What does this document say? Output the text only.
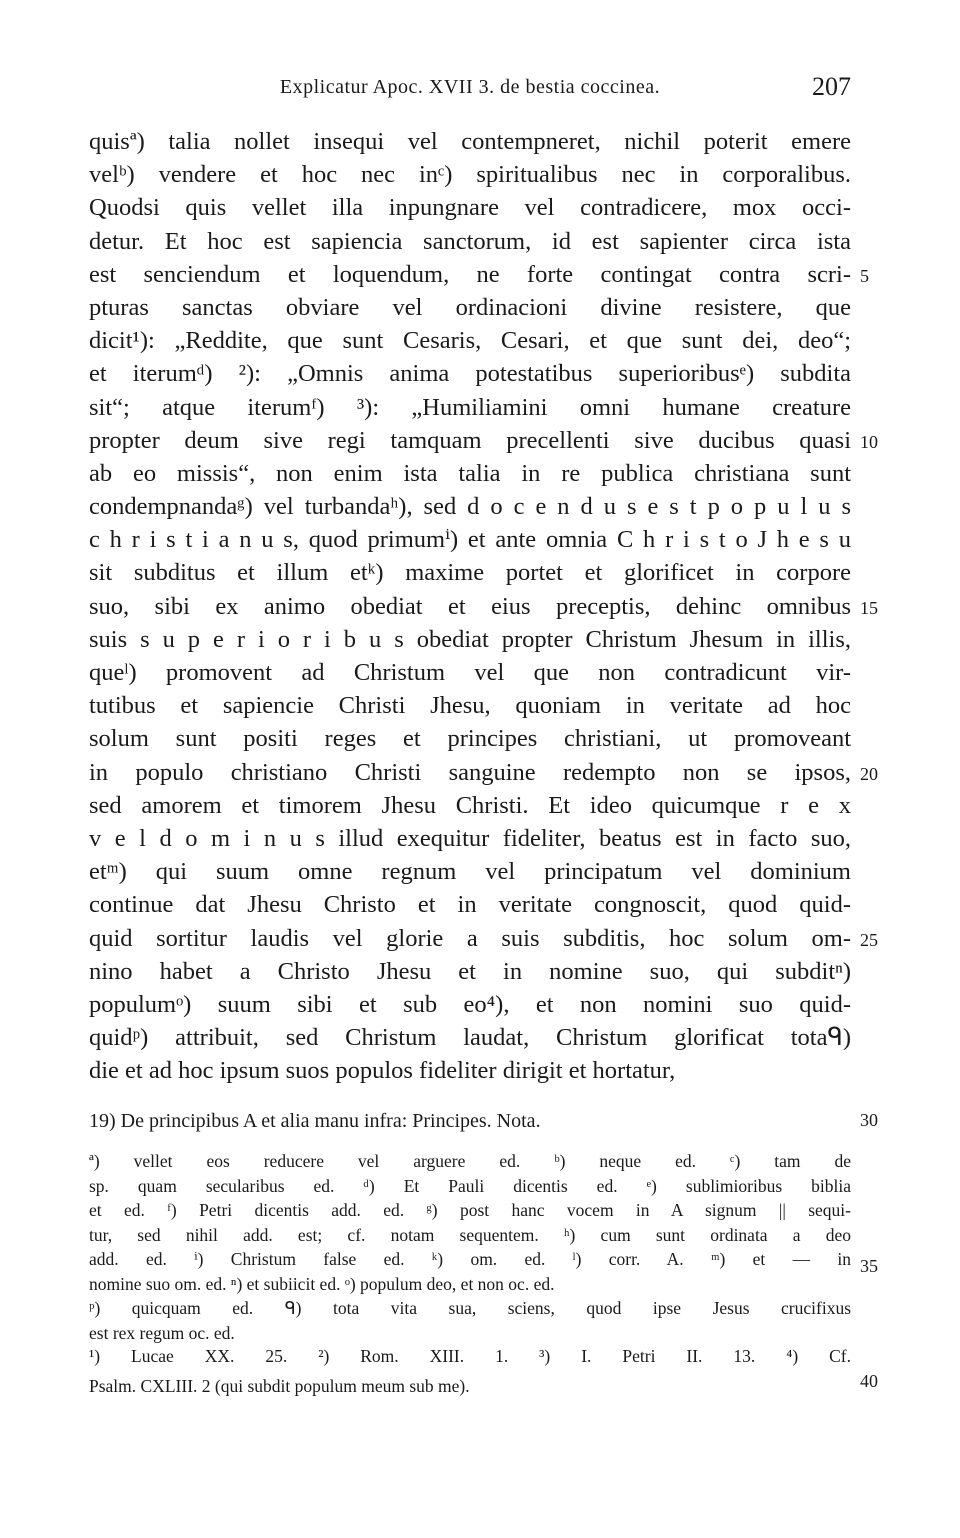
Explicatur Apoc. XVII 3. de bestia coccinea.	207
quisª) talia nollet insequi vel contempneret, nichil poterit emere
velᵇ) vendere et hoc nec inᶜ) spiritualibus nec in corporalibus.
Quodsi quis vellet illa inpungnare vel contradicere, mox occi-
detur. Et hoc est sapiencia sanctorum, id est sapienter circa ista
est senciendum et loquendum, ne forte contingat contra scri-
pturas sanctas obviare vel ordinacioni divine resistere, que
dicit¹): „Reddite, que sunt Cesaris, Cesari, et que sunt dei, deo“;
et iterumᵈ) ²): „Omnis anima potestatibus superioribusᵉ) subdita
sit“; atque iterumᶠ) ³): „Humiliamini omni humane creature
propter deum sive regi tamquam precellenti sive ducibus quasi
ab eo missis“, non enim ista talia in re publica christiana sunt
condempnandaᵍ) vel turbandaʰ), sed d o c e n d u s e s t p o p u l u s
c h r i s t i a n u s, quod primumⁱ) et ante omnia C h r i s t o J h e s u
sit subditus et illum etᵏ) maxime portet et glorificet in corpore
suo, sibi ex animo obediat et eius preceptis, dehinc omnibus
suis s u p e r i o r i b u s obediat propter Christum Jhesum in illis,
queˡ) promovent ad Christum vel que non contradicunt vir-
tutibus et sapiencie Christi Jhesu, quoniam in veritate ad hoc
solum sunt positi reges et principes christiani, ut promoveant
in populo christiano Christi sanguine redempto non se ipsos,
sed amorem et timorem Jhesu Christi. Et ideo quicumque r e x
v e l d o m i n u s illud exequitur fideliter, beatus est in facto suo,
etᵐ) qui suum omne regnum vel principatum vel dominium
continue dat Jhesu Christo et in veritate congnoscit, quod quid-
quid sortitur laudis vel glorie a suis subditis, hoc solum om-
nino habet a Christo Jhesu et in nomine suo, qui subditⁿ)
populumᵒ) suum sibi et sub eo⁴), et non nomini suo quid-
quidᵖ) attribuit, sed Christum laudat, Christum glorificat totaᑫ)
die et ad hoc ipsum suos populos fideliter dirigit et hortatur,
5
10
15
20
25
19) De principibus A et alia manu infra: Principes. Nota.	30
ª) vellet eos reducere vel arguere ed. ᵇ) neque ed. ᶜ) tam de
sp. quam secularibus ed. ᵈ) Et Pauli dicentis ed. ᵉ) sublimioribus biblia
et ed. ᶠ) Petri dicentis add. ed. ᵍ) post hanc vocem in A signum || sequi-
tur, sed nihil add. est; cf. notam sequentem. ʰ) cum sunt ordinata a deo
add. ed. ⁱ) Christum false ed. ᵏ) om. ed. ˡ) corr. A. ᵐ) et — in
nomine suo om. ed. ⁿ) et subiicit ed. ᵒ) populum deo, et non oc. ed.
ᵖ) quicquam ed. ᑫ) tota vita sua, sciens, quod ipse Jesus crucifixus
est rex regum oc. ed.
35
¹) Lucae XX. 25. ²) Rom. XIII. 1. ³) I. Petri II. 13. ⁴) Cf.
Psalm. CXLIII. 2 (qui subdit populum meum sub me).	40
